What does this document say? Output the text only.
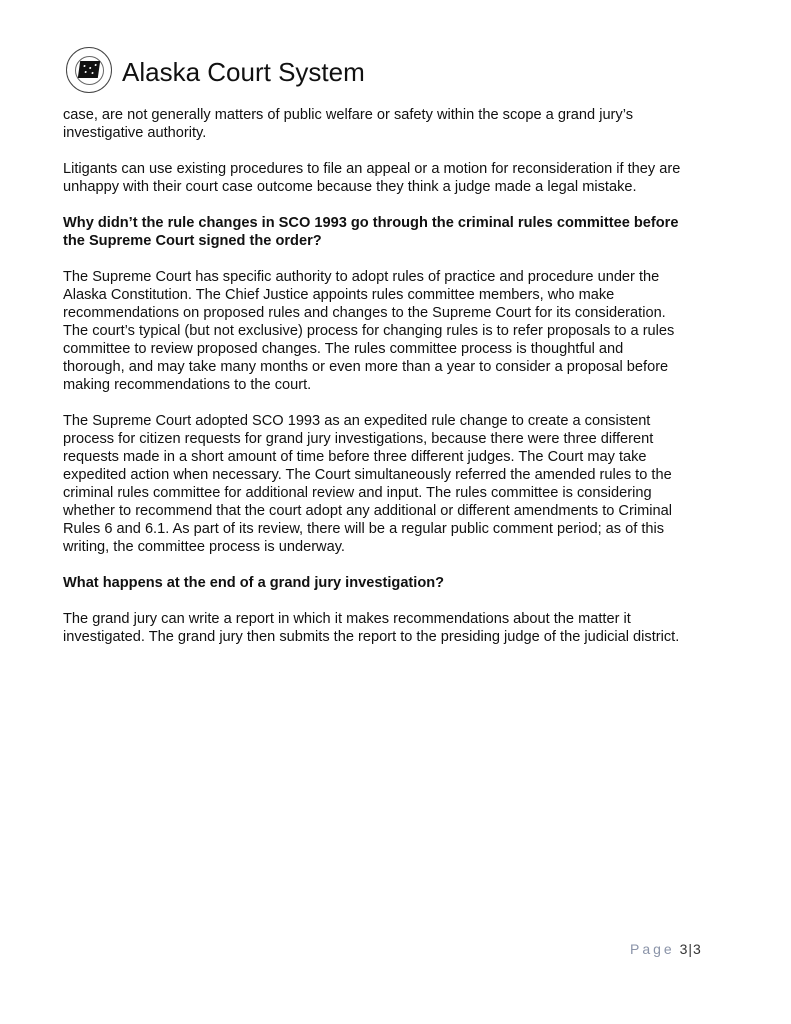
Alaska Court System
case, are not generally matters of public welfare or safety within the scope a grand jury’s
investigative authority.
Litigants can use existing procedures to file an appeal or a motion for reconsideration if they are
unhappy with their court case outcome because they think a judge made a legal mistake.
Why didn’t the rule changes in SCO 1993 go through the criminal rules committee before
the Supreme Court signed the order?
The Supreme Court has specific authority to adopt rules of practice and procedure under the
Alaska Constitution. The Chief Justice appoints rules committee members, who make
recommendations on proposed rules and changes to the Supreme Court for its consideration.
The court’s typical (but not exclusive) process for changing rules is to refer proposals to a rules
committee to review proposed changes. The rules committee process is thoughtful and
thorough, and may take many months or even more than a year to consider a proposal before
making recommendations to the court.
The Supreme Court adopted SCO 1993 as an expedited rule change to create a consistent
process for citizen requests for grand jury investigations, because there were three different
requests made in a short amount of time before three different judges. The Court may take
expedited action when necessary. The Court simultaneously referred the amended rules to the
criminal rules committee for additional review and input. The rules committee is considering
whether to recommend that the court adopt any additional or different amendments to Criminal
Rules 6 and 6.1. As part of its review, there will be a regular public comment period; as of this
writing, the committee process is underway.
What happens at the end of a grand jury investigation?
The grand jury can write a report in which it makes recommendations about the matter it
investigated. The grand jury then submits the report to the presiding judge of the judicial district.
Page 3|3
